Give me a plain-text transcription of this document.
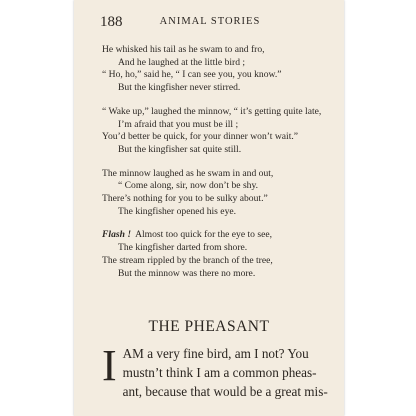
188	ANIMAL STORIES
He whisked his tail as he swam to and fro,
And he laughed at the little bird ;
“ Ho, ho,” said he, “ I can see you, you know.”
But the kingfisher never stirred.
“ Wake up,” laughed the minnow, “ it’s getting quite late,
I’m afraid that you must be ill ;
You’d better be quick, for your dinner won’t wait.”
But the kingfisher sat quite still.
The minnow laughed as he swam in and out,
“ Come along, sir, now don’t be shy.
There’s nothing for you to be sulky about.”
The kingfisher opened his eye.
Flash ! Almost too quick for the eye to see,
The kingfisher darted from shore.
The stream rippled by the branch of the tree,
But the minnow was there no more.
THE PHEASANT
I AM a very fine bird, am I not? You
mustn’t think I am a common pheas-
ant, because that would be a great mis-
